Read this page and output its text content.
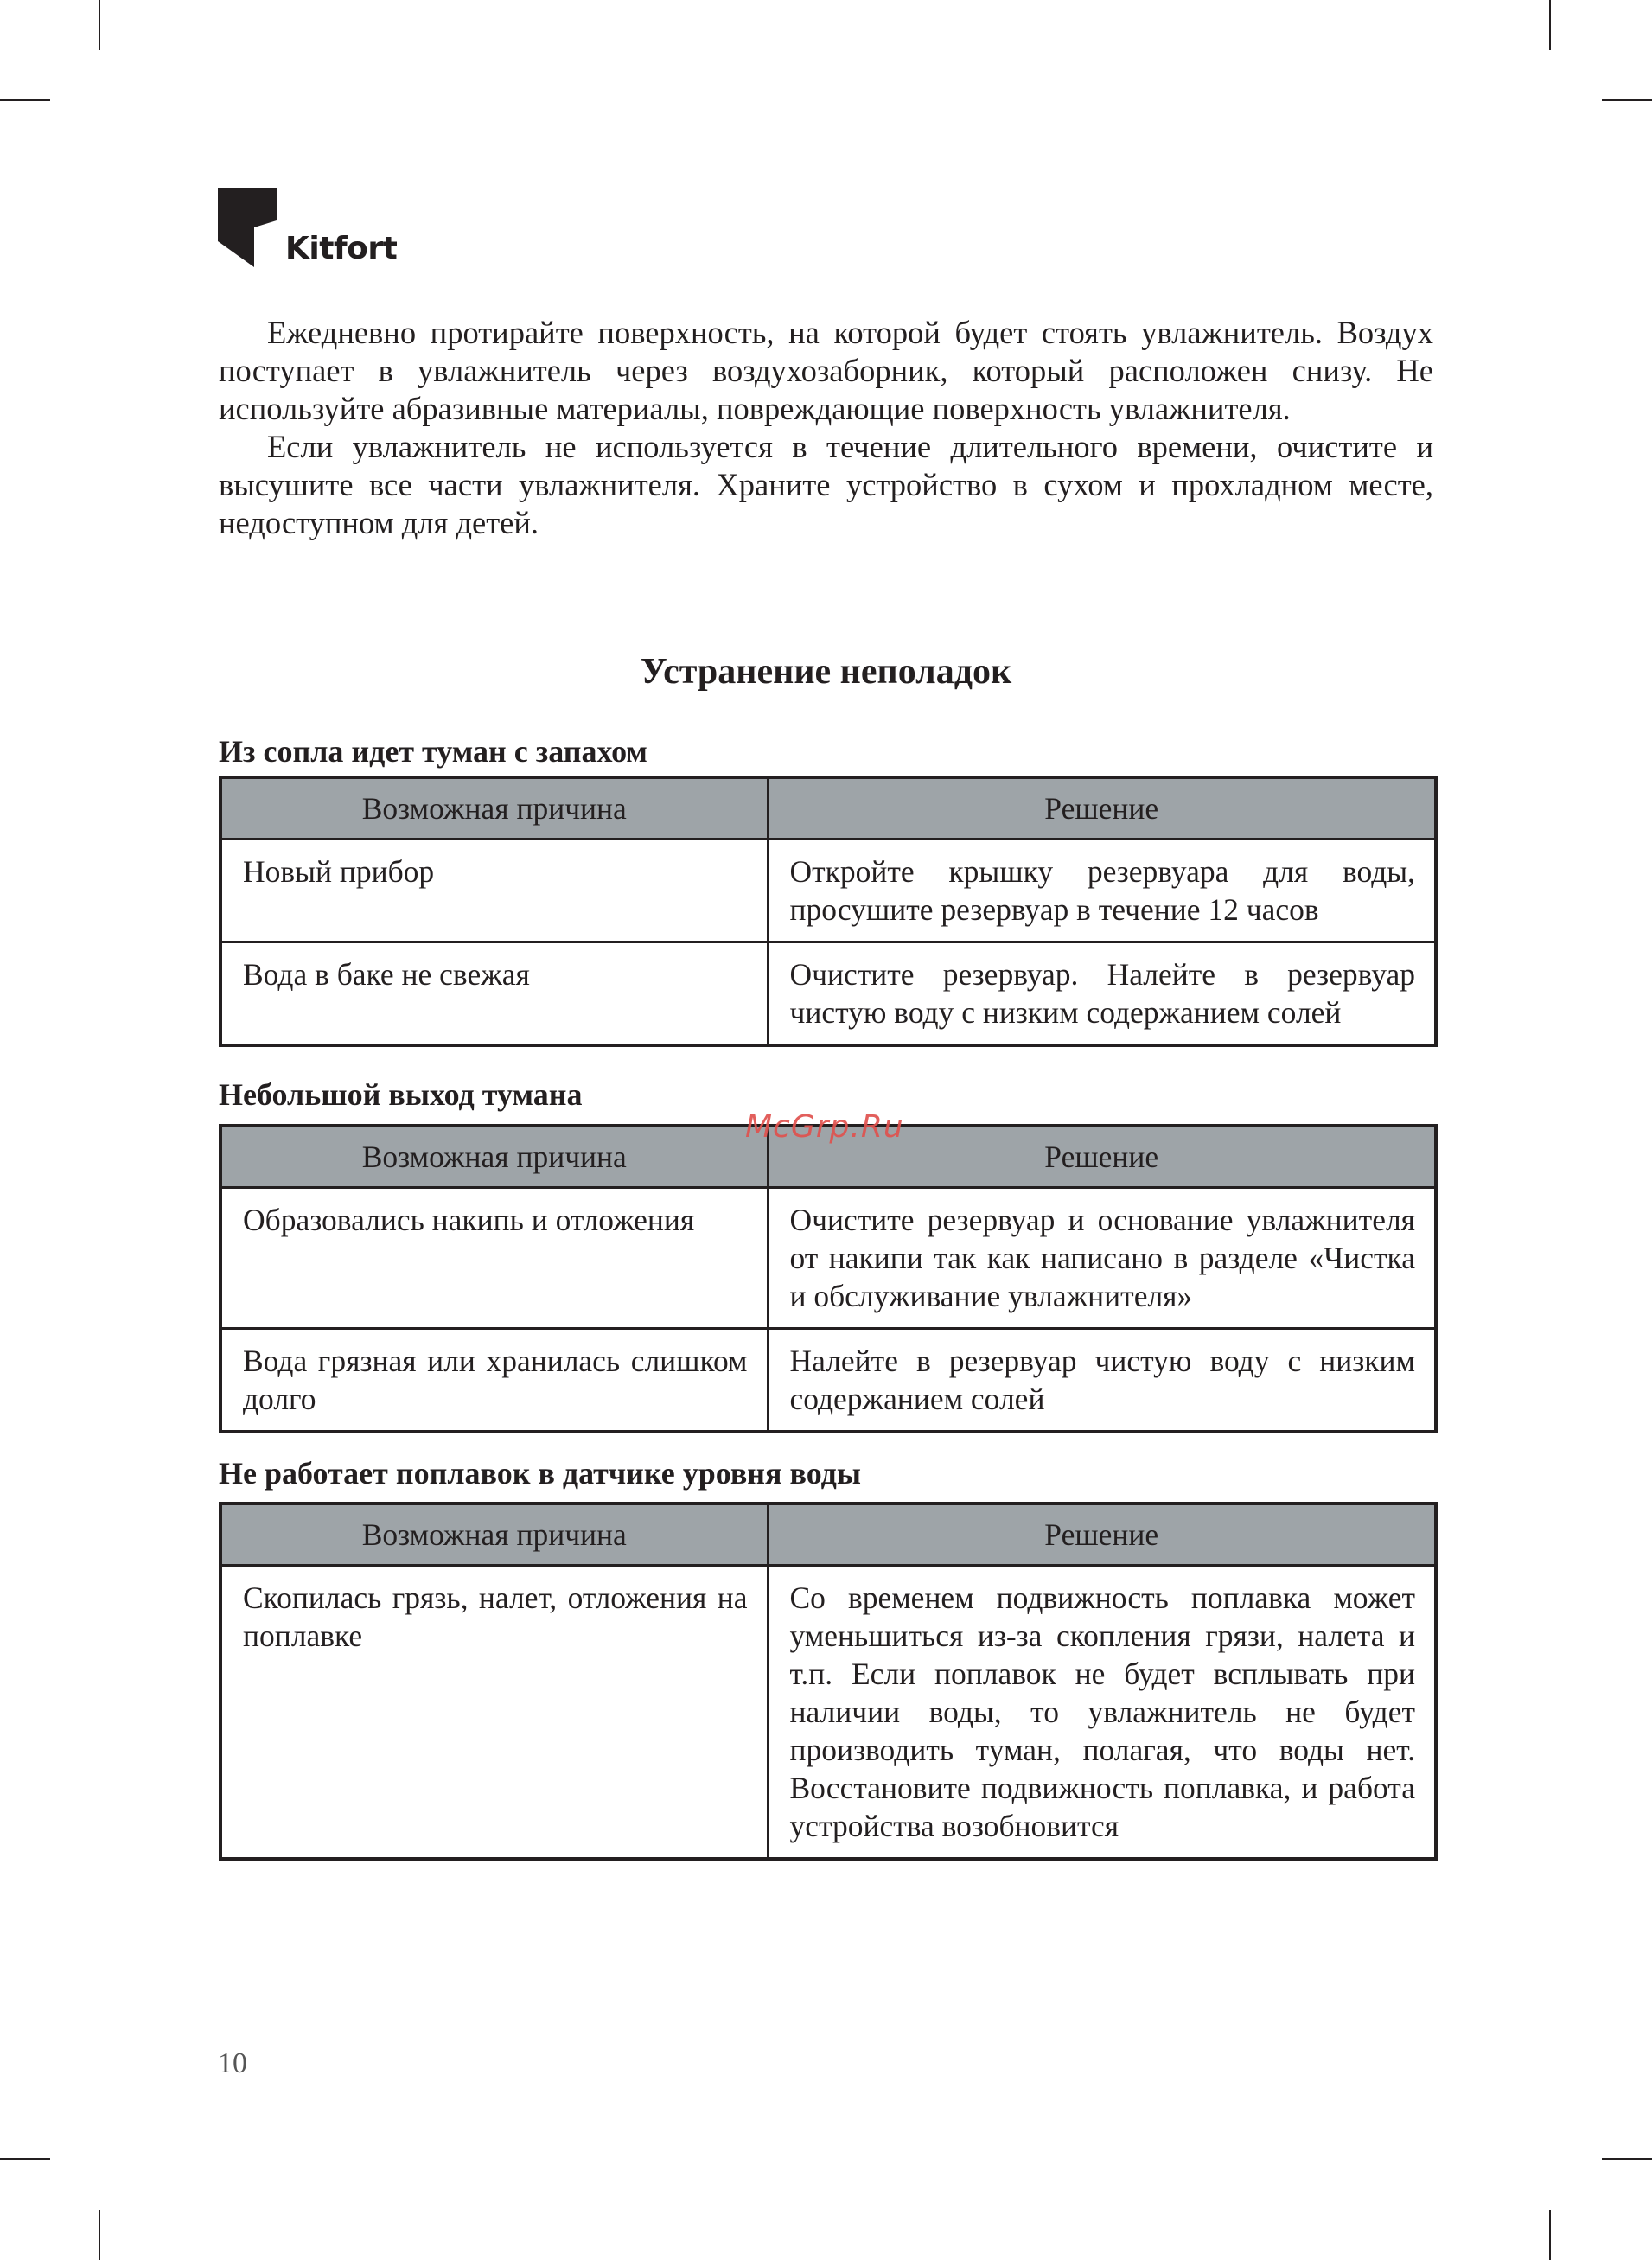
Kitfort

Ежедневно протирайте поверхность, на которой будет стоять увлажнитель. Воздух поступает в увлажнитель через воздухозаборник, который расположен снизу. Не используйте абразивные материалы, повреждающие поверхность увлажнителя.

Если увлажнитель не используется в течение длительного времени, очистите и высушите все части увлажнителя. Храните устройство в сухом и прохладном месте, недоступном для детей.

Устранение неполадок
Из сопла идет туман с запахом
Возможная причина	Решение
Новый прибор	Откройте крышку резервуара для воды, просушите резервуар в течение 12 часов
Вода в баке не свежая	Очистите резервуар. Налейте в резервуар чистую воду с низким содержанием солей
Небольшой выход тумана
Возможная причина	Решение
Образовались накипь и отложения	Очистите резервуар и основание увлажнителя от накипи так как написано в разделе «Чистка и обслуживание увлажнителя»
Вода грязная или хранилась слишком долго	Налейте в резервуар чистую воду с низким содержанием солей
Не работает поплавок в датчике уровня воды
Возможная причина	Решение
Скопилась грязь, налет, отложения на поплавке	Со временем подвижность поплавка может уменьшиться из-за скопления грязи, налета и т.п. Если поплавок не будет всплывать при наличии воды, то увлажнитель не будет производить туман, полагая, что воды нет. Восстановите подвижность поплавка, и работа устройства возобновится
McGrp.Ru
10
